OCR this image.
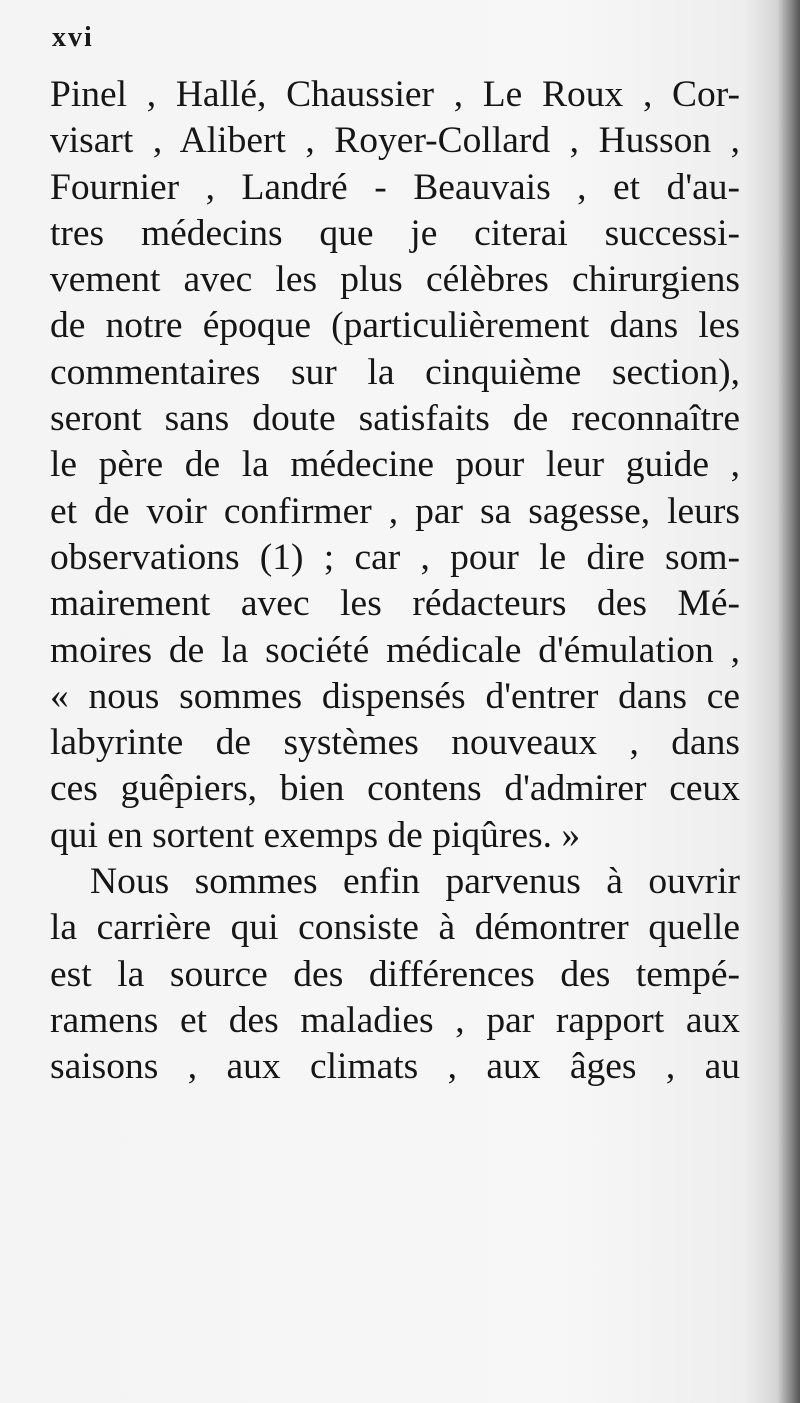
xvi
Pinel , Hallé, Chaussier , Le Roux , Cor-
visart , Alibert , Royer-Collard , Husson ,
Fournier , Landré - Beauvais , et d'au-
tres médecins que je citerai successi-
vement avec les plus célèbres chirurgiens
de notre époque (particulièrement dans les
commentaires sur la cinquième section),
seront sans doute satisfaits de reconnaître
le père de la médecine pour leur guide ,
et de voir confirmer , par sa sagesse, leurs
observations (1) ; car , pour le dire som-
mairement avec les rédacteurs des Mé-
moires de la société médicale d'émulation ,
« nous sommes dispensés d'entrer dans ce
labyrinte de systèmes nouveaux , dans
ces guêpiers, bien contens d'admirer ceux
qui en sortent exemps de piqûres. »
Nous sommes enfin parvenus à ouvrir
la carrière qui consiste à démontrer quelle
est la source des différences des tempé-
ramens et des maladies , par rapport aux
saisons , aux climats , aux âges , au
